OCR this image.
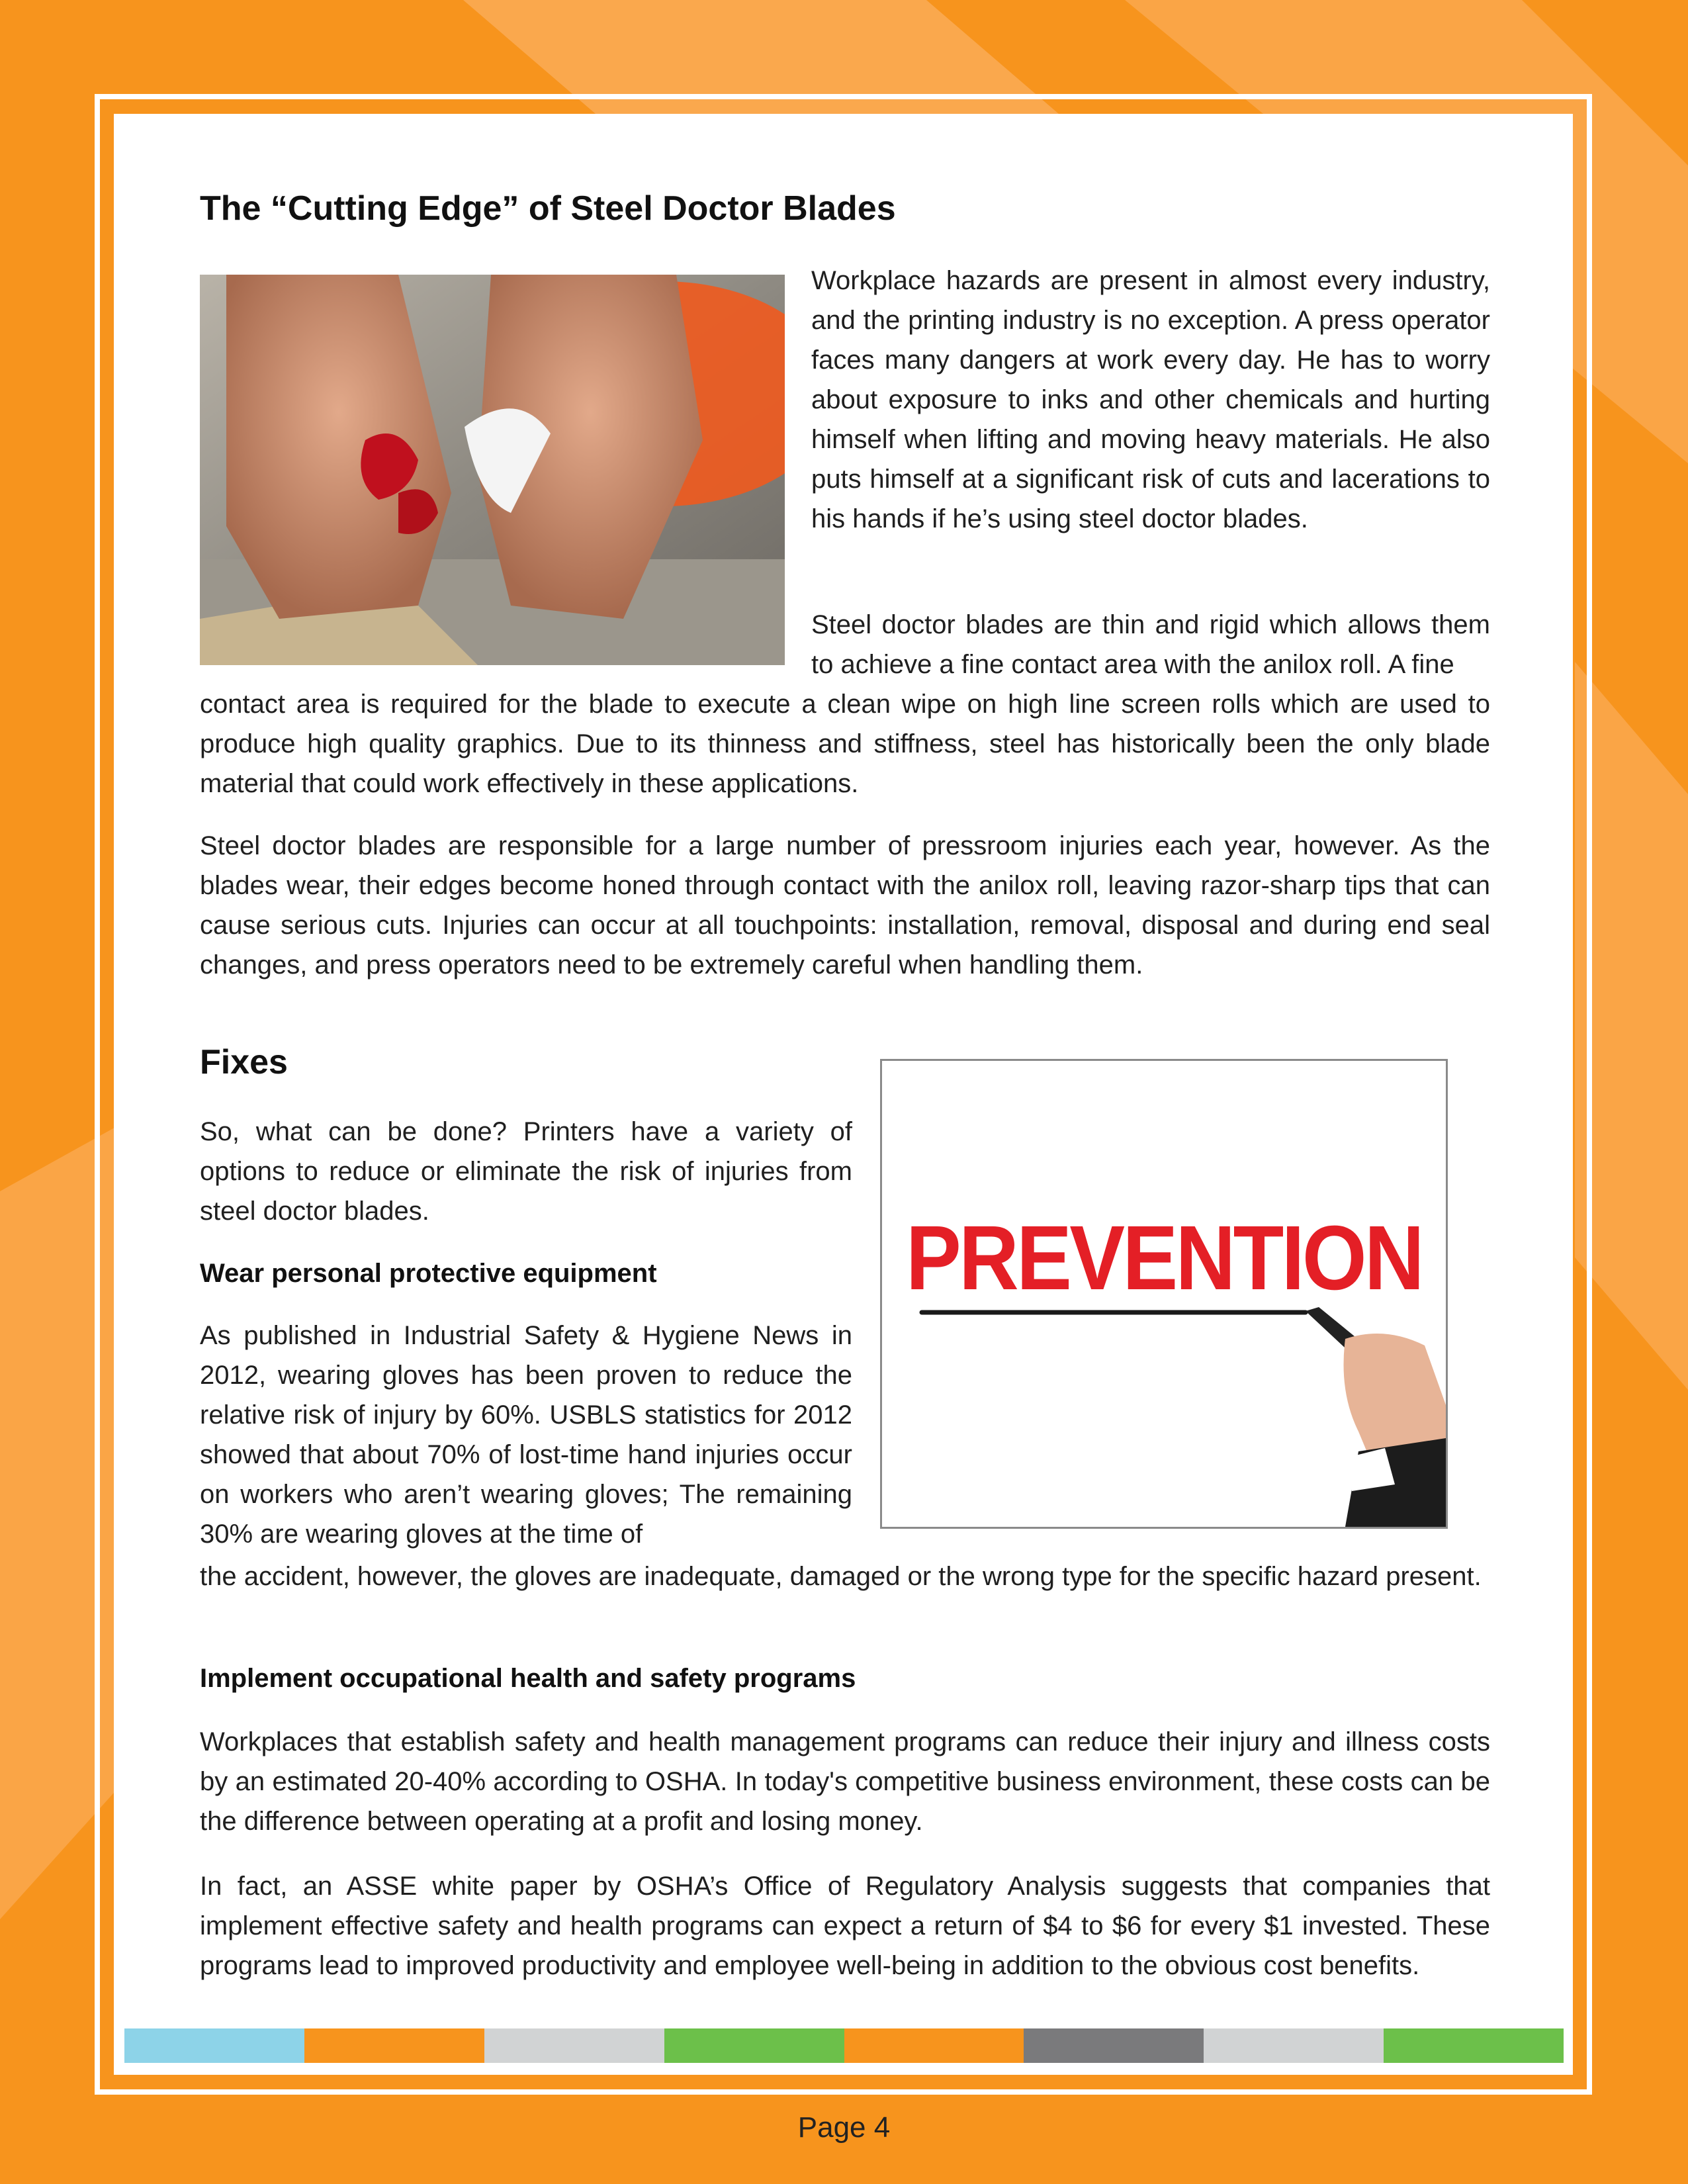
The “Cutting Edge” of Steel Doctor Blades

Workplace hazards are present in almost every industry, and the printing industry is no exception. A press operator faces many dangers at work every day. He has to worry about exposure to inks and other chemicals and hurting himself when lifting and moving heavy materials. He also puts himself at a significant risk of cuts and lacerations to his hands if he’s using steel doctor blades.

Steel doctor blades are thin and rigid which allows them to achieve a fine contact area with the anilox roll. A fine

contact area is required for the blade to execute a clean wipe on high line screen rolls which are used to produce high quality graphics. Due to its thinness and stiffness, steel has historically been the only blade material that could work effectively in these applications.

Steel doctor blades are responsible for a large number of pressroom injuries each year, however. As the blades wear, their edges become honed through contact with the anilox roll, leaving razor-sharp tips that can cause serious cuts. Injuries can occur at all touchpoints: installation, removal, disposal and during end seal changes, and press operators need to be extremely careful when handling them.

Fixes

So, what can be done? Printers have a variety of options to reduce or eliminate the risk of injuries from steel doctor blades.

Wear personal protective equipment

As published in Industrial Safety & Hygiene News in 2012, wearing gloves has been proven to reduce the relative risk of injury by 60%. USBLS statistics for 2012 showed that about 70% of lost-time hand injuries occur on workers who aren’t wearing gloves; The remaining 30% are wearing gloves at the time of

the accident, however, the gloves are inadequate, damaged or the wrong type for the specific hazard present.

Implement occupational health and safety programs

Workplaces that establish safety and health management programs can reduce their injury and illness costs by an estimated 20-40% according to OSHA. In today's competitive business environment, these costs can be the difference between operating at a profit and losing money.

In fact, an ASSE white paper by OSHA’s Office of Regulatory Analysis suggests that companies that implement effective safety and health programs can expect a return of $4 to $6 for every $1 invested. These programs lead to improved productivity and employee well-being in addition to the obvious cost benefits.

PREVENTION
Page 4
